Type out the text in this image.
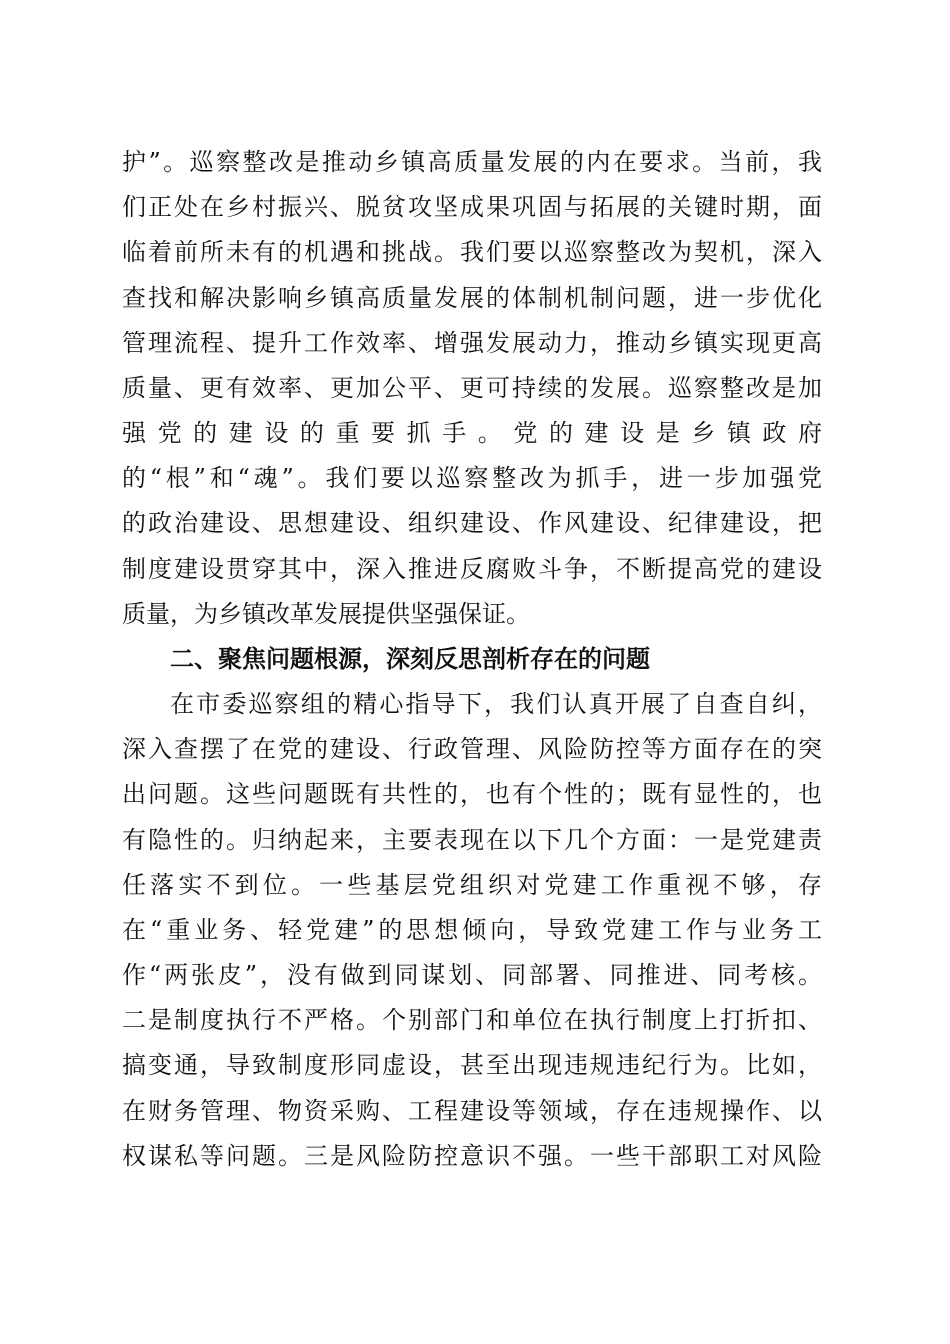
护”。巡察整改是推动乡镇高质量发展的内在要求。当前，我
们正处在乡村振兴、脱贫攻坚成果巩固与拓展的关键时期，面
临着前所未有的机遇和挑战。我们要以巡察整改为契机，深入
查找和解决影响乡镇高质量发展的体制机制问题，进一步优化
管理流程、提升工作效率、增强发展动力，推动乡镇实现更高
质量、更有效率、更加公平、更可持续的发展。巡察整改是加
强党的建设的重要抓手。党的建设是乡镇政府
的“根”和“魂”。我们要以巡察整改为抓手，进一步加强党
的政治建设、思想建设、组织建设、作风建设、纪律建设，把
制度建设贯穿其中，深入推进反腐败斗争，不断提高党的建设
质量，为乡镇改革发展提供坚强保证。
二、聚焦问题根源，深刻反思剖析存在的问题
在市委巡察组的精心指导下，我们认真开展了自查自纠，
深入查摆了在党的建设、行政管理、风险防控等方面存在的突
出问题。这些问题既有共性的，也有个性的；既有显性的，也
有隐性的。归纳起来，主要表现在以下几个方面：一是党建责
任落实不到位。一些基层党组织对党建工作重视不够，存
在“重业务、轻党建”的思想倾向，导致党建工作与业务工
作“两张皮”，没有做到同谋划、同部署、同推进、同考核。
二是制度执行不严格。个别部门和单位在执行制度上打折扣、
搞变通，导致制度形同虚设，甚至出现违规违纪行为。比如，
在财务管理、物资采购、工程建设等领域，存在违规操作、以
权谋私等问题。三是风险防控意识不强。一些干部职工对风险
